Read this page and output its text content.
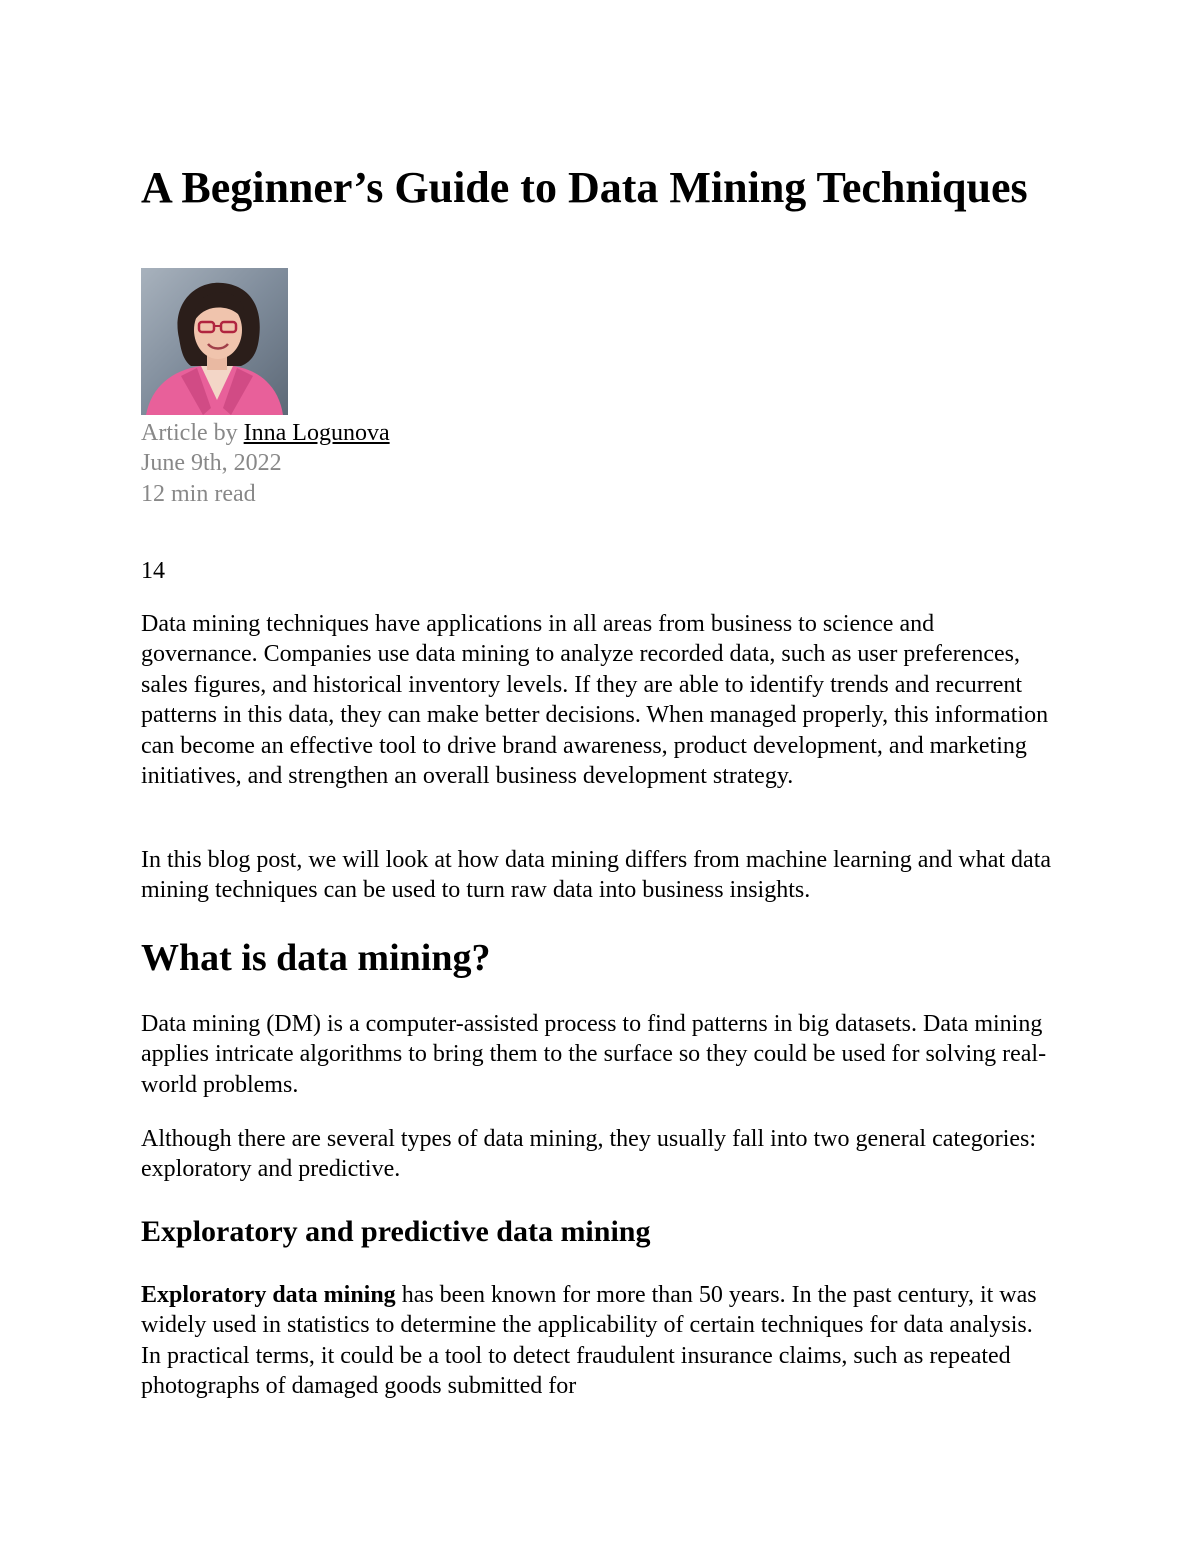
A Beginner’s Guide to Data Mining Techniques
Article by Inna Logunova
June 9th, 2022
12 min read
14

Data mining techniques have applications in all areas from business to science and governance. Companies use data mining to analyze recorded data, such as user preferences, sales figures, and historical inventory levels. If they are able to identify trends and recurrent patterns in this data, they can make better decisions. When managed properly, this information can become an effective tool to drive brand awareness, product development, and marketing initiatives, and strengthen an overall business development strategy.

In this blog post, we will look at how data mining differs from machine learning and what data mining techniques can be used to turn raw data into business insights.

What is data mining?

Data mining (DM) is a computer-assisted process to find patterns in big datasets. Data mining applies intricate algorithms to bring them to the surface so they could be used for solving real-world problems.

Although there are several types of data mining, they usually fall into two general categories: exploratory and predictive.

Exploratory and predictive data mining

Exploratory data mining has been known for more than 50 years. In the past century, it was widely used in statistics to determine the applicability of certain techniques for data analysis. In practical terms, it could be a tool to detect fraudulent insurance claims, such as repeated photographs of damaged goods submitted for
